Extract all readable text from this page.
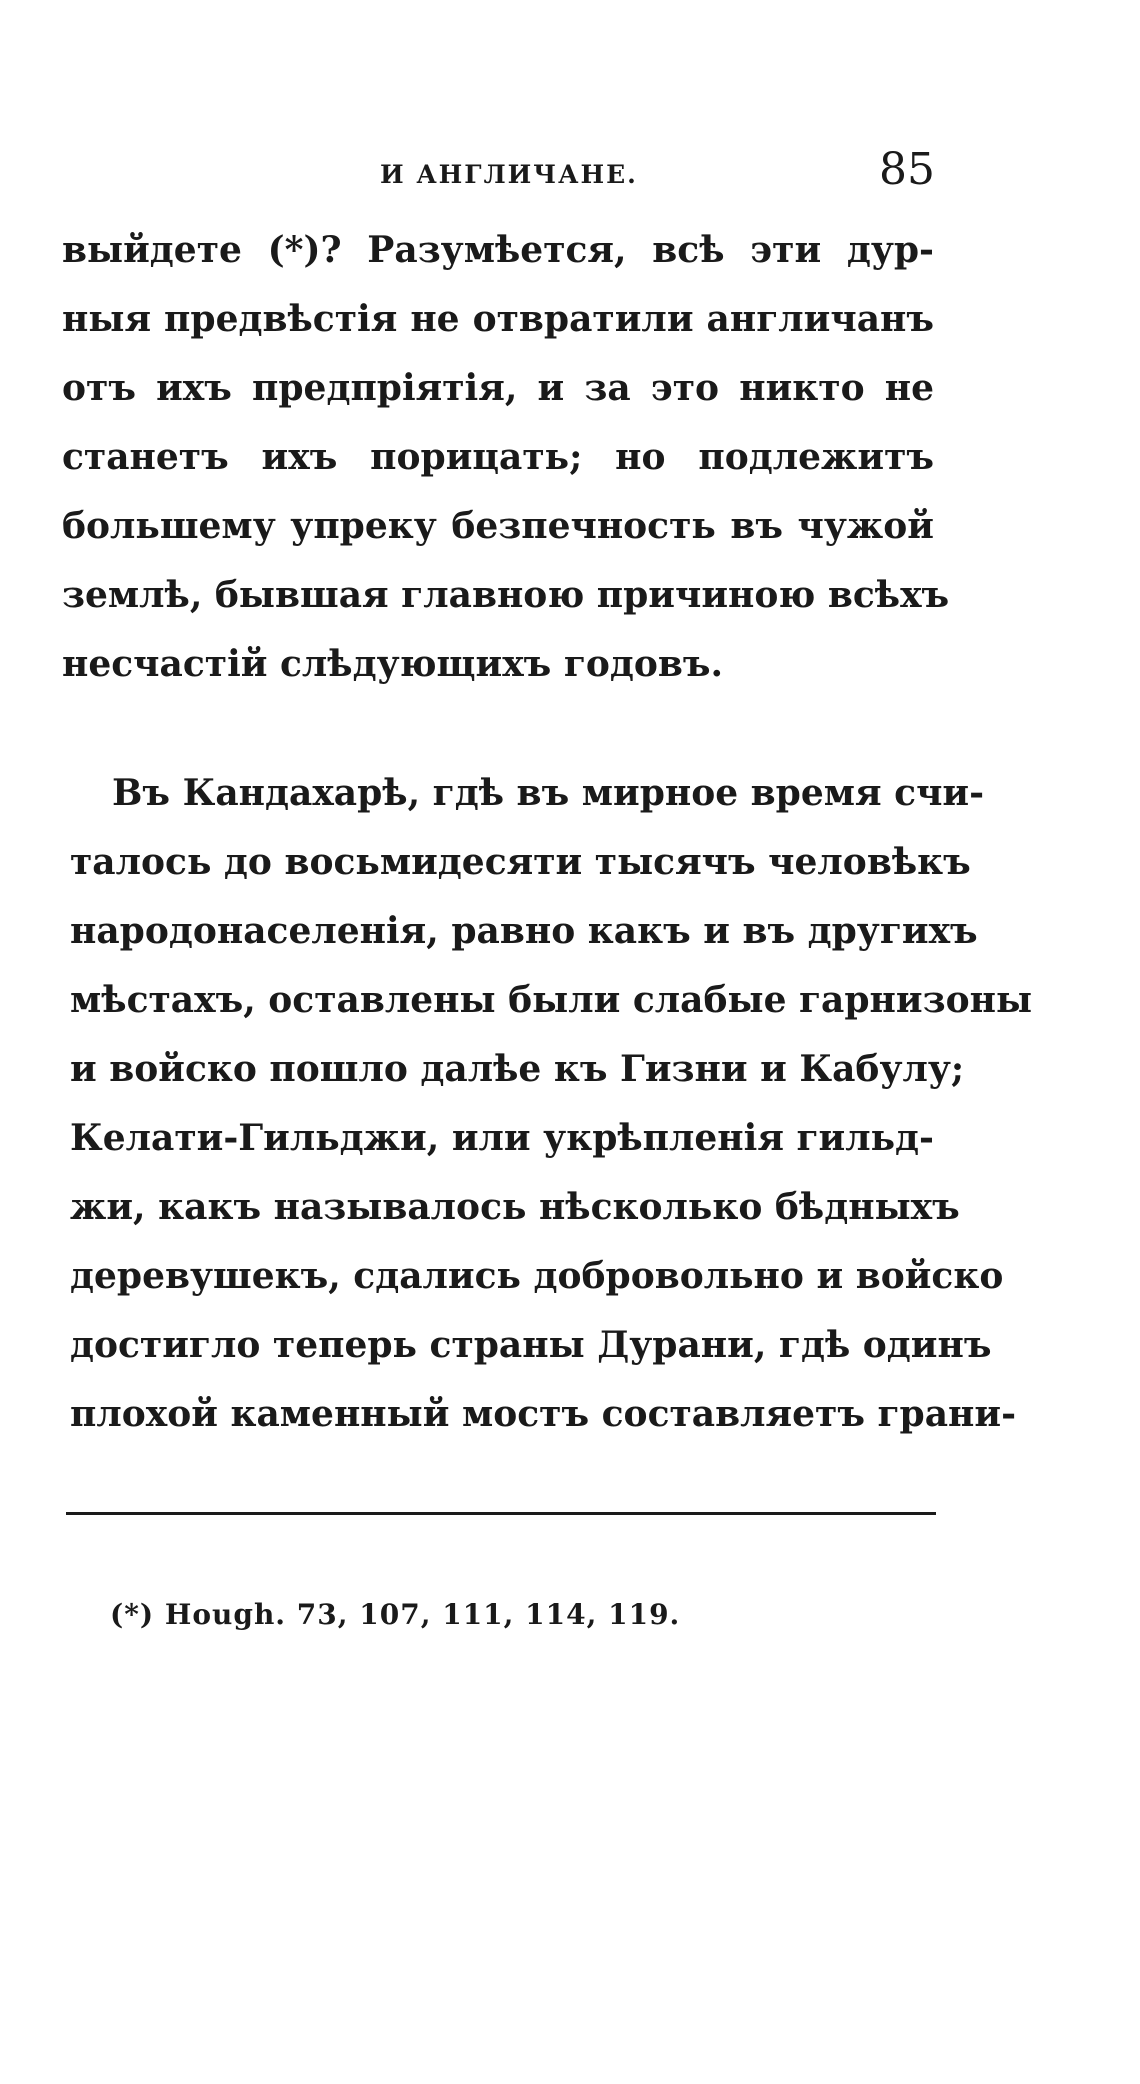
И АНГЛИЧАНЕ.	85
выйдете (*)? Разумѣется, всѣ эти дур-
ныя предвѣстія не отвратили англичанъ
отъ ихъ предпріятія, и за это никто не
станетъ ихъ порицать; но подлежитъ
большему упреку безпечность въ чужой
землѣ, бывшая главною причиною всѣхъ
несчастій слѣдующихъ годовъ.
Въ Кандахарѣ, гдѣ въ мирное время счи-
талось до восьмидесяти тысячъ человѣкъ
народонаселенія, равно какъ и въ другихъ
мѣстахъ, оставлены были слабые гарнизоны
и войско пошло далѣе къ Гизни и Кабулу;
Келати-Гильджи, или укрѣпленія гильд-
жи, какъ называлось нѣсколько бѣдныхъ
деревушекъ, сдались добровольно и войско
достигло теперь страны Дурани, гдѣ одинъ
плохой каменный мостъ составляетъ грани-
(*) Hough. 73, 107, 111, 114, 119.
